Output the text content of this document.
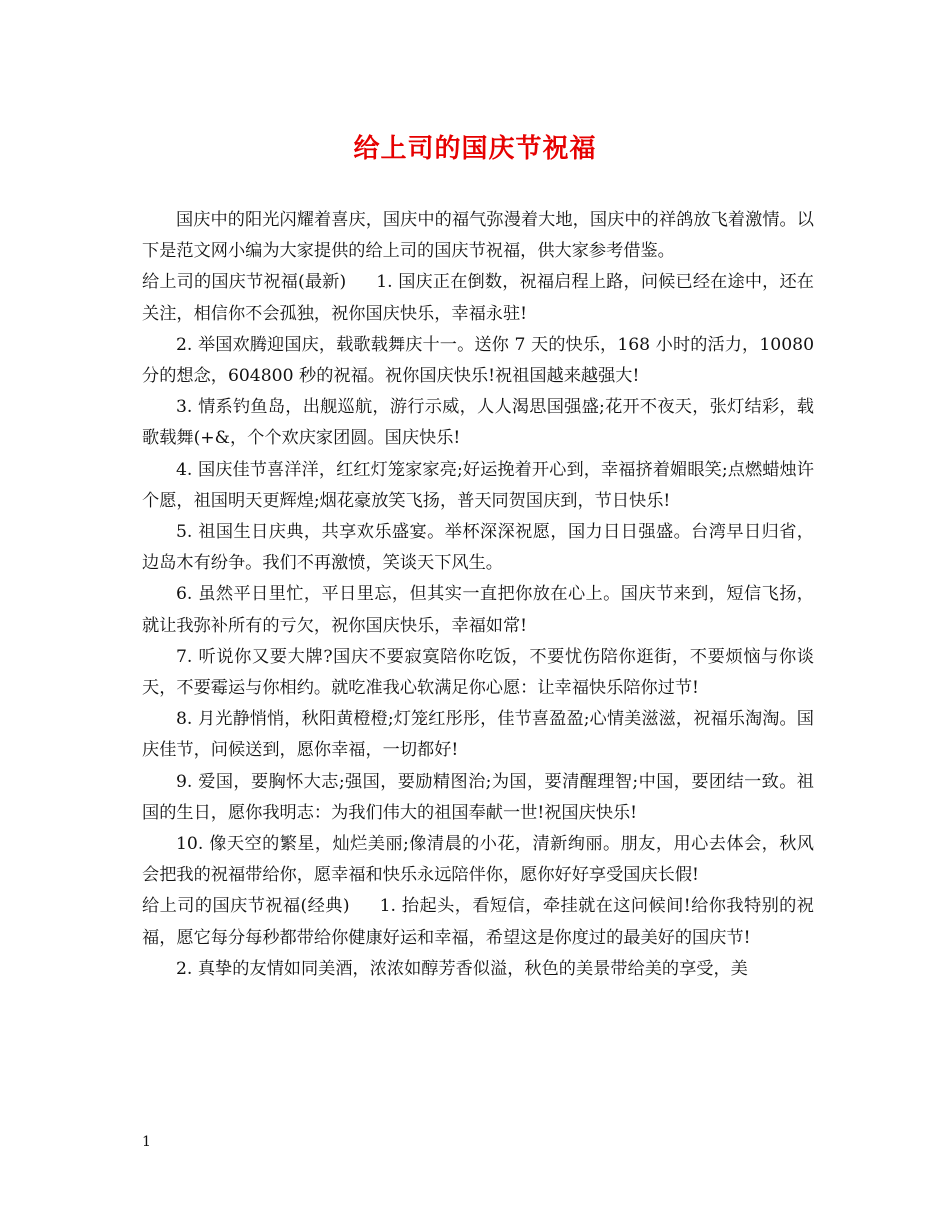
给上司的国庆节祝福

国庆中的阳光闪耀着喜庆，国庆中的福气弥漫着大地，国庆中的祥鸽放飞着激情。以下是范文网小编为大家提供的给上司的国庆节祝福，供大家参考借鉴。

给上司的国庆节祝福(最新) 1. 国庆正在倒数，祝福启程上路，问候已经在途中，还在关注，相信你不会孤独，祝你国庆快乐，幸福永驻!

2. 举国欢腾迎国庆，载歌载舞庆十一。送你 7 天的快乐，168 小时的活力，10080 分的想念，604800 秒的祝福。祝你国庆快乐!祝祖国越来越强大!

3. 情系钓鱼岛，出舰巡航，游行示威，人人渴思国强盛;花开不夜天，张灯结彩，载歌载舞(+&，个个欢庆家团圆。国庆快乐!

4. 国庆佳节喜洋洋，红红灯笼家家亮;好运挽着开心到，幸福挤着媚眼笑;点燃蜡烛许个愿，祖国明天更辉煌;烟花豪放笑飞扬，普天同贺国庆到，节日快乐!

5. 祖国生日庆典，共享欢乐盛宴。举杯深深祝愿，国力日日强盛。台湾早日归省，边岛木有纷争。我们不再激愤，笑谈天下风生。

6. 虽然平日里忙，平日里忘，但其实一直把你放在心上。国庆节来到，短信飞扬，就让我弥补所有的亏欠，祝你国庆快乐，幸福如常!

7. 听说你又要大牌?国庆不要寂寞陪你吃饭，不要忧伤陪你逛街，不要烦恼与你谈天，不要霉运与你相约。就吃准我心软满足你心愿：让幸福快乐陪你过节!

8. 月光静悄悄，秋阳黄橙橙;灯笼红彤彤，佳节喜盈盈;心情美滋滋，祝福乐淘淘。国庆佳节，问候送到，愿你幸福，一切都好!

9. 爱国，要胸怀大志;强国，要励精图治;为国，要清醒理智;中国，要团结一致。祖国的生日，愿你我明志：为我们伟大的祖国奉献一世!祝国庆快乐!

10. 像天空的繁星，灿烂美丽;像清晨的小花，清新绚丽。朋友，用心去体会，秋风会把我的祝福带给你，愿幸福和快乐永远陪伴你，愿你好好享受国庆长假!

给上司的国庆节祝福(经典) 1. 抬起头，看短信，牵挂就在这问候间!给你我特别的祝福，愿它每分每秒都带给你健康好运和幸福，希望这是你度过的最美好的国庆节!

2. 真挚的友情如同美酒，浓浓如醇芳香似溢，秋色的美景带给美的享受，美

1
